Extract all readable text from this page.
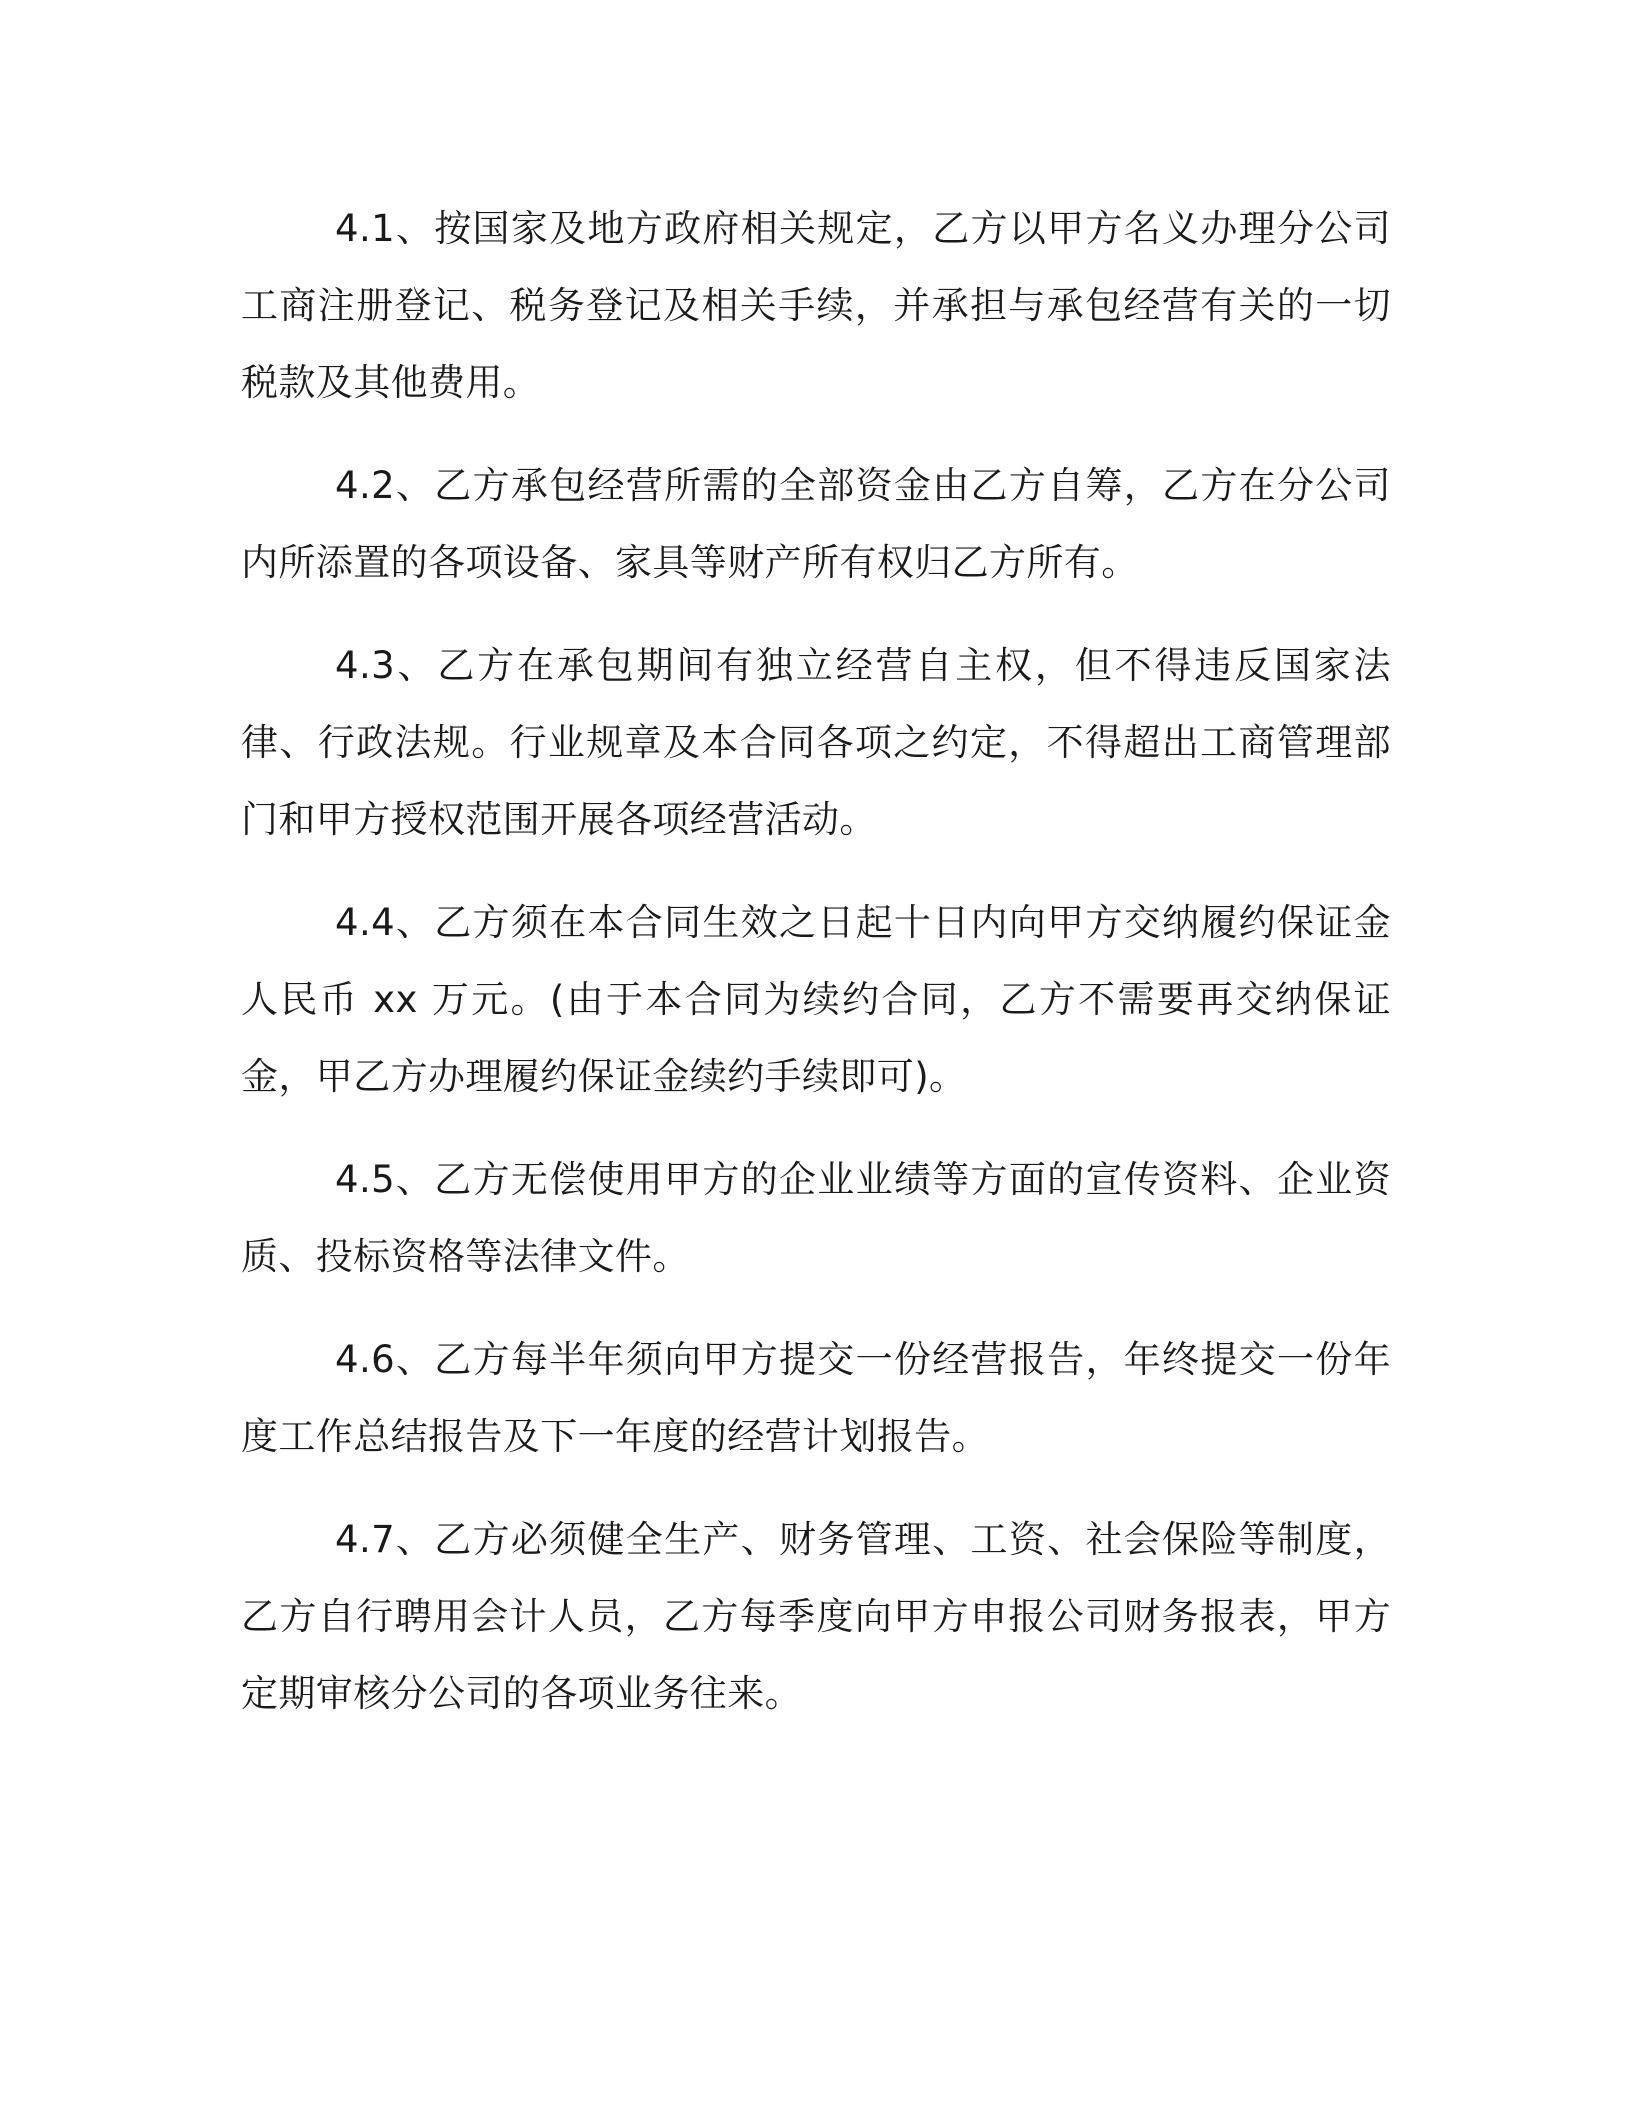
4.1、按国家及地方政府相关规定，乙方以甲方名义办理分公司工商注册登记、税务登记及相关手续，并承担与承包经营有关的一切税款及其他费用。

4.2、乙方承包经营所需的全部资金由乙方自筹，乙方在分公司内所添置的各项设备、家具等财产所有权归乙方所有。

4.3、乙方在承包期间有独立经营自主权，但不得违反国家法律、行政法规。行业规章及本合同各项之约定，不得超出工商管理部门和甲方授权范围开展各项经营活动。

4.4、乙方须在本合同生效之日起十日内向甲方交纳履约保证金人民币 xx 万元。(由于本合同为续约合同，乙方不需要再交纳保证金，甲乙方办理履约保证金续约手续即可)。

4.5、乙方无偿使用甲方的企业业绩等方面的宣传资料、企业资质、投标资格等法律文件。

4.6、乙方每半年须向甲方提交一份经营报告，年终提交一份年度工作总结报告及下一年度的经营计划报告。

4.7、乙方必须健全生产、财务管理、工资、社会保险等制度，乙方自行聘用会计人员，乙方每季度向甲方申报公司财务报表，甲方定期审核分公司的各项业务往来。
